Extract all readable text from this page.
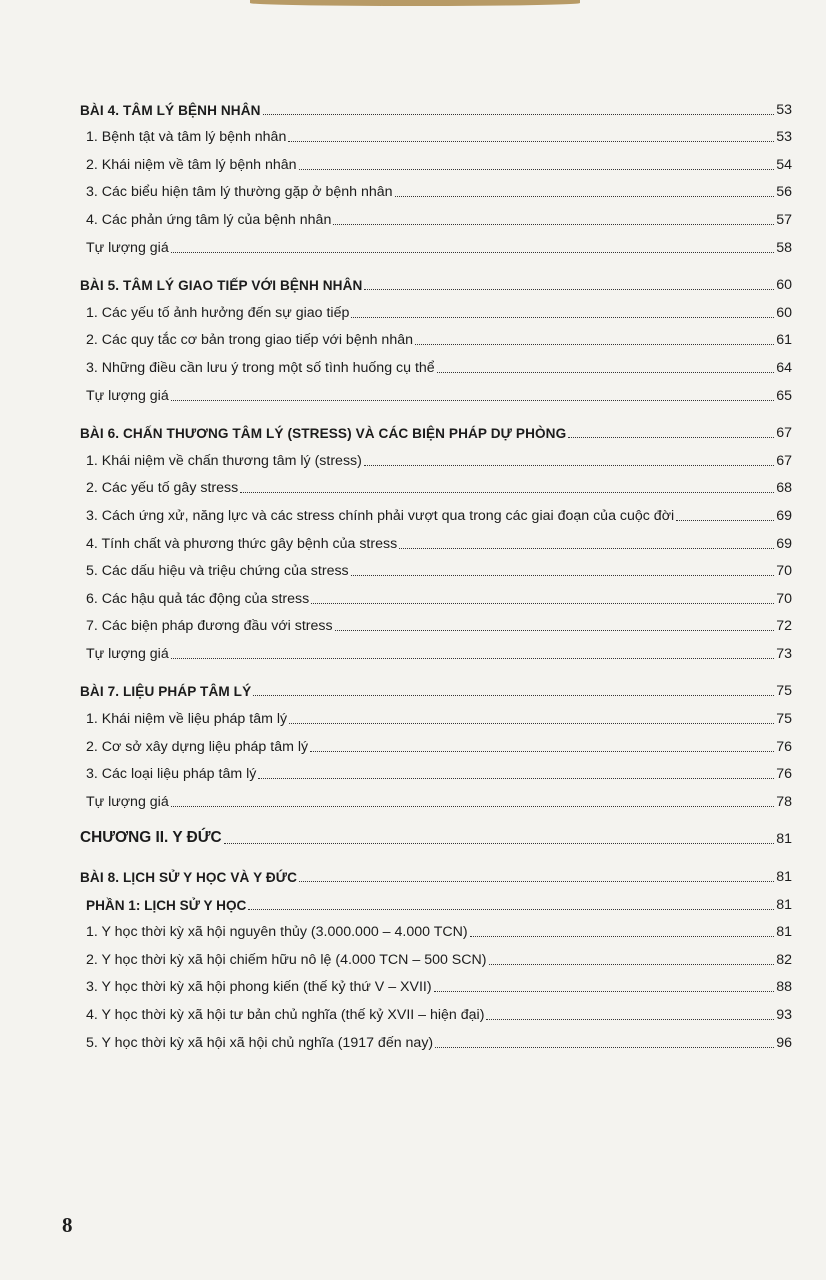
BÀI 4. TÂM LÝ BỆNH NHÂN	53
1. Bệnh tật và tâm lý bệnh nhân	53
2. Khái niệm về tâm lý bệnh nhân	54
3. Các biểu hiện tâm lý thường gặp ở bệnh nhân	56
4. Các phản ứng tâm lý của bệnh nhân	57
Tự lượng giá	58
BÀI 5. TÂM LÝ GIAO TIẾP VỚI BỆNH NHÂN	60
1. Các yếu tố ảnh hưởng đến sự giao tiếp	60
2. Các quy tắc cơ bản trong giao tiếp với bệnh nhân	61
3. Những điều cần lưu ý trong một số tình huống cụ thể	64
Tự lượng giá	65
BÀI 6. CHẤN THƯƠNG TÂM LÝ (STRESS) VÀ CÁC BIỆN PHÁP DỰ PHÒNG	67
1. Khái niệm về chấn thương tâm lý (stress)	67
2. Các yếu tố gây stress	68
3. Cách ứng xử, năng lực và các stress chính phải vượt qua trong các giai đoạn của cuộc đời	69
4. Tính chất và phương thức gây bệnh của stress	69
5. Các dấu hiệu và triệu chứng của stress	70
6. Các hậu quả tác động của stress	70
7. Các biện pháp đương đầu với stress	72
Tự lượng giá	73
BÀI 7. LIỆU PHÁP TÂM LÝ	75
1. Khái niệm về liệu pháp tâm lý	75
2. Cơ sở xây dựng liệu pháp tâm lý	76
3. Các loại liệu pháp tâm lý	76
Tự lượng giá	78
CHƯƠNG II. Y ĐỨC	81
BÀI 8. LỊCH SỬ Y HỌC VÀ Y ĐỨC	81
PHẦN 1: LỊCH SỬ Y HỌC	81
1. Y học thời kỳ xã hội nguyên thủy (3.000.000 – 4.000 TCN)	81
2. Y học thời kỳ xã hội chiếm hữu nô lệ (4.000 TCN – 500 SCN)	82
3. Y học thời kỳ xã hội phong kiến (thế kỷ thứ V – XVII)	88
4. Y học thời kỳ xã hội tư bản chủ nghĩa (thế kỷ XVII – hiện đại)	93
5. Y học thời kỳ xã hội xã hội chủ nghĩa (1917 đến nay)	96
8
